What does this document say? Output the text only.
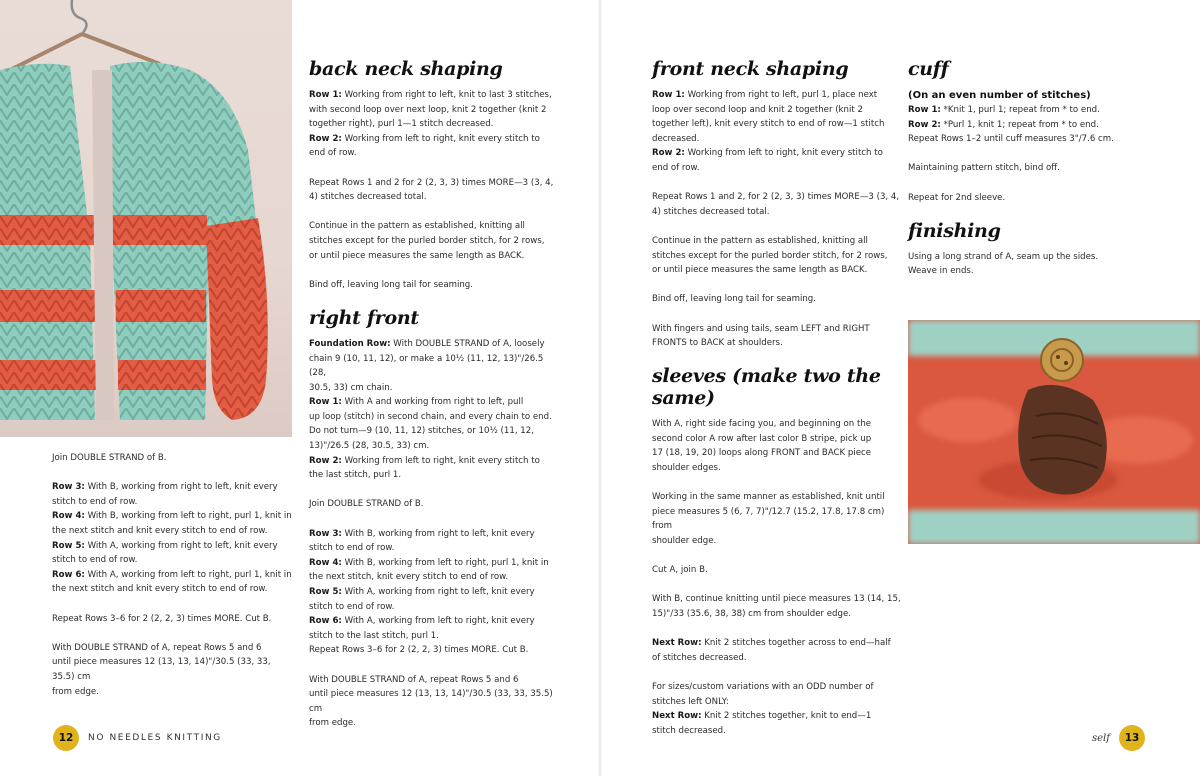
Join DOUBLE STRAND of B.

Row 3: With B, working from right to left, knit every
stitch to end of row.
Row 4: With B, working from left to right, purl 1, knit in
the next stitch and knit every stitch to end of row.
Row 5: With A, working from right to left, knit every
stitch to end of row.
Row 6: With A, working from left to right, purl 1, knit in
the next stitch and knit every stitch to end of row.

Repeat Rows 3–6 for 2 (2, 2, 3) times MORE. Cut B.

With DOUBLE STRAND of A, repeat Rows 5 and 6
until piece measures 12 (13, 13, 14)"/30.5 (33, 33, 35.5) cm
from edge.

back neck shaping

Row 1: Working from right to left, knit to last 3 stitches,
with second loop over next loop, knit 2 together (knit 2
together right), purl 1—1 stitch decreased.
Row 2: Working from left to right, knit every stitch to
end of row.

Repeat Rows 1 and 2 for 2 (2, 3, 3) times MORE—3 (3, 4,
4) stitches decreased total.

Continue in the pattern as established, knitting all
stitches except for the purled border stitch, for 2 rows,
or until piece measures the same length as BACK.

Bind off, leaving long tail for seaming.

right front

Foundation Row: With DOUBLE STRAND of A, loosely
chain 9 (10, 11, 12), or make a 10½ (11, 12, 13)"/26.5 (28,
30.5, 33) cm chain.
Row 1: With A and working from right to left, pull
up loop (stitch) in second chain, and every chain to end.
Do not turn—9 (10, 11, 12) stitches, or 10½ (11, 12,
13)"/26.5 (28, 30.5, 33) cm.
Row 2: Working from left to right, knit every stitch to
the last stitch, purl 1.

Join DOUBLE STRAND of B.

Row 3: With B, working from right to left, knit every
stitch to end of row.
Row 4: With B, working from left to right, purl 1, knit in
the next stitch, knit every stitch to end of row.
Row 5: With A, working from right to left, knit every
stitch to end of row.
Row 6: With A, working from left to right, knit every
stitch to the last stitch, purl 1.
Repeat Rows 3–6 for 2 (2, 2, 3) times MORE. Cut B.

With DOUBLE STRAND of A, repeat Rows 5 and 6
until piece measures 12 (13, 13, 14)"/30.5 (33, 33, 35.5) cm
from edge.

front neck shaping

Row 1: Working from right to left, purl 1, place next
loop over second loop and knit 2 together (knit 2
together left), knit every stitch to end of row—1 stitch
decreased.
Row 2: Working from left to right, knit every stitch to
end of row.

Repeat Rows 1 and 2, for 2 (2, 3, 3) times MORE—3 (3, 4,
4) stitches decreased total.

Continue in the pattern as established, knitting all
stitches except for the purled border stitch, for 2 rows,
or until piece measures the same length as BACK.

Bind off, leaving long tail for seaming.

With fingers and using tails, seam LEFT and RIGHT
FRONTS to BACK at shoulders.

sleeves (make two the same)

With A, right side facing you, and beginning on the
second color A row after last color B stripe, pick up
17 (18, 19, 20) loops along FRONT and BACK piece
shoulder edges.

Working in the same manner as established, knit until
piece measures 5 (6, 7, 7)"/12.7 (15.2, 17.8, 17.8 cm) from
shoulder edge.

Cut A, join B.

With B, continue knitting until piece measures 13 (14, 15,
15)"/33 (35.6, 38, 38) cm from shoulder edge.

Next Row: Knit 2 stitches together across to end—half
of stitches decreased.

For sizes/custom variations with an ODD number of
stitches left ONLY:
Next Row: Knit 2 stitches together, knit to end—1
stitch decreased.

cuff
(On an even number of stitches)

Row 1: *Knit 1, purl 1; repeat from * to end.
Row 2: *Purl 1, knit 1; repeat from * to end.
Repeat Rows 1–2 until cuff measures 3"/7.6 cm.

Maintaining pattern stitch, bind off.

Repeat for 2nd sleeve.

finishing

Using a long strand of A, seam up the sides.
Weave in ends.

12	NO NEEDLES KNITTING	self	13
